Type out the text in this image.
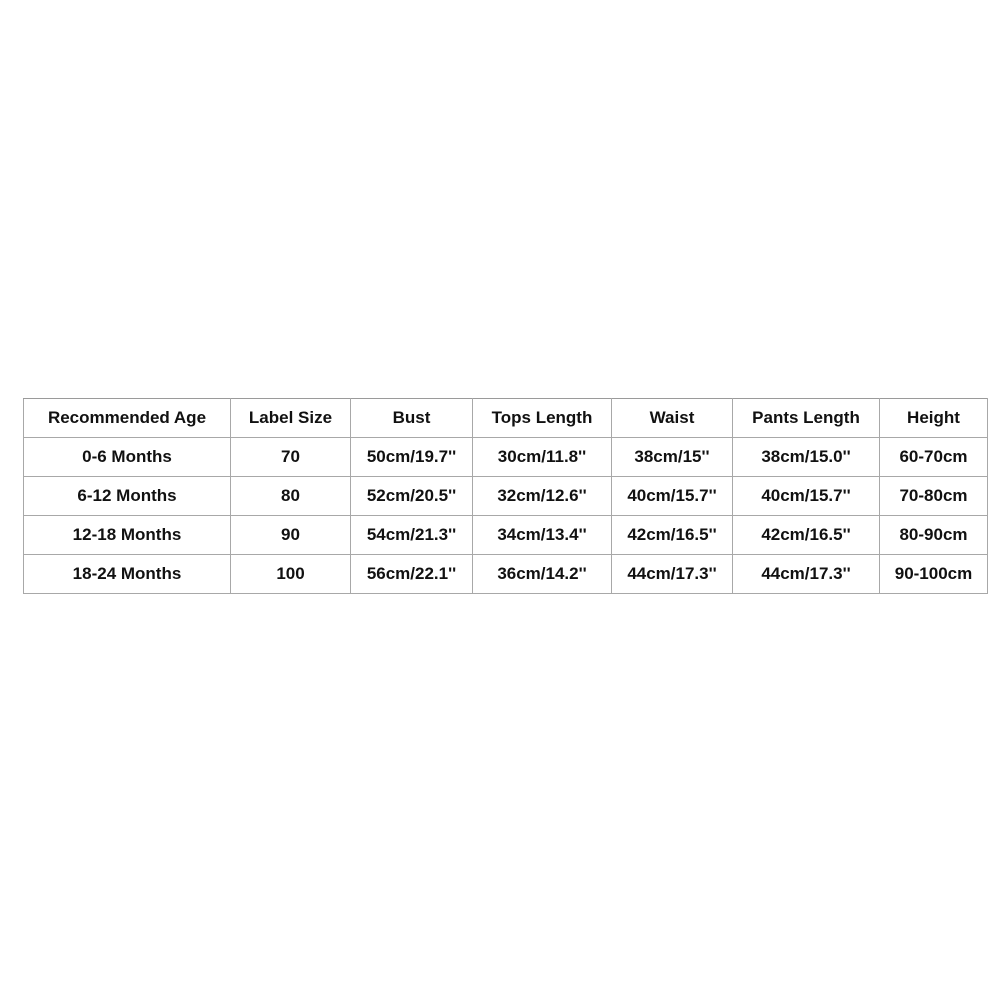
Recommended Age	Label Size	Bust	Tops Length	Waist	Pants Length	Height
0-6 Months	70	50cm/19.7''	30cm/11.8''	38cm/15''	38cm/15.0''	60-70cm
6-12 Months	80	52cm/20.5''	32cm/12.6''	40cm/15.7''	40cm/15.7''	70-80cm
12-18 Months	90	54cm/21.3''	34cm/13.4''	42cm/16.5''	42cm/16.5''	80-90cm
18-24 Months	100	56cm/22.1''	36cm/14.2''	44cm/17.3''	44cm/17.3''	90-100cm
